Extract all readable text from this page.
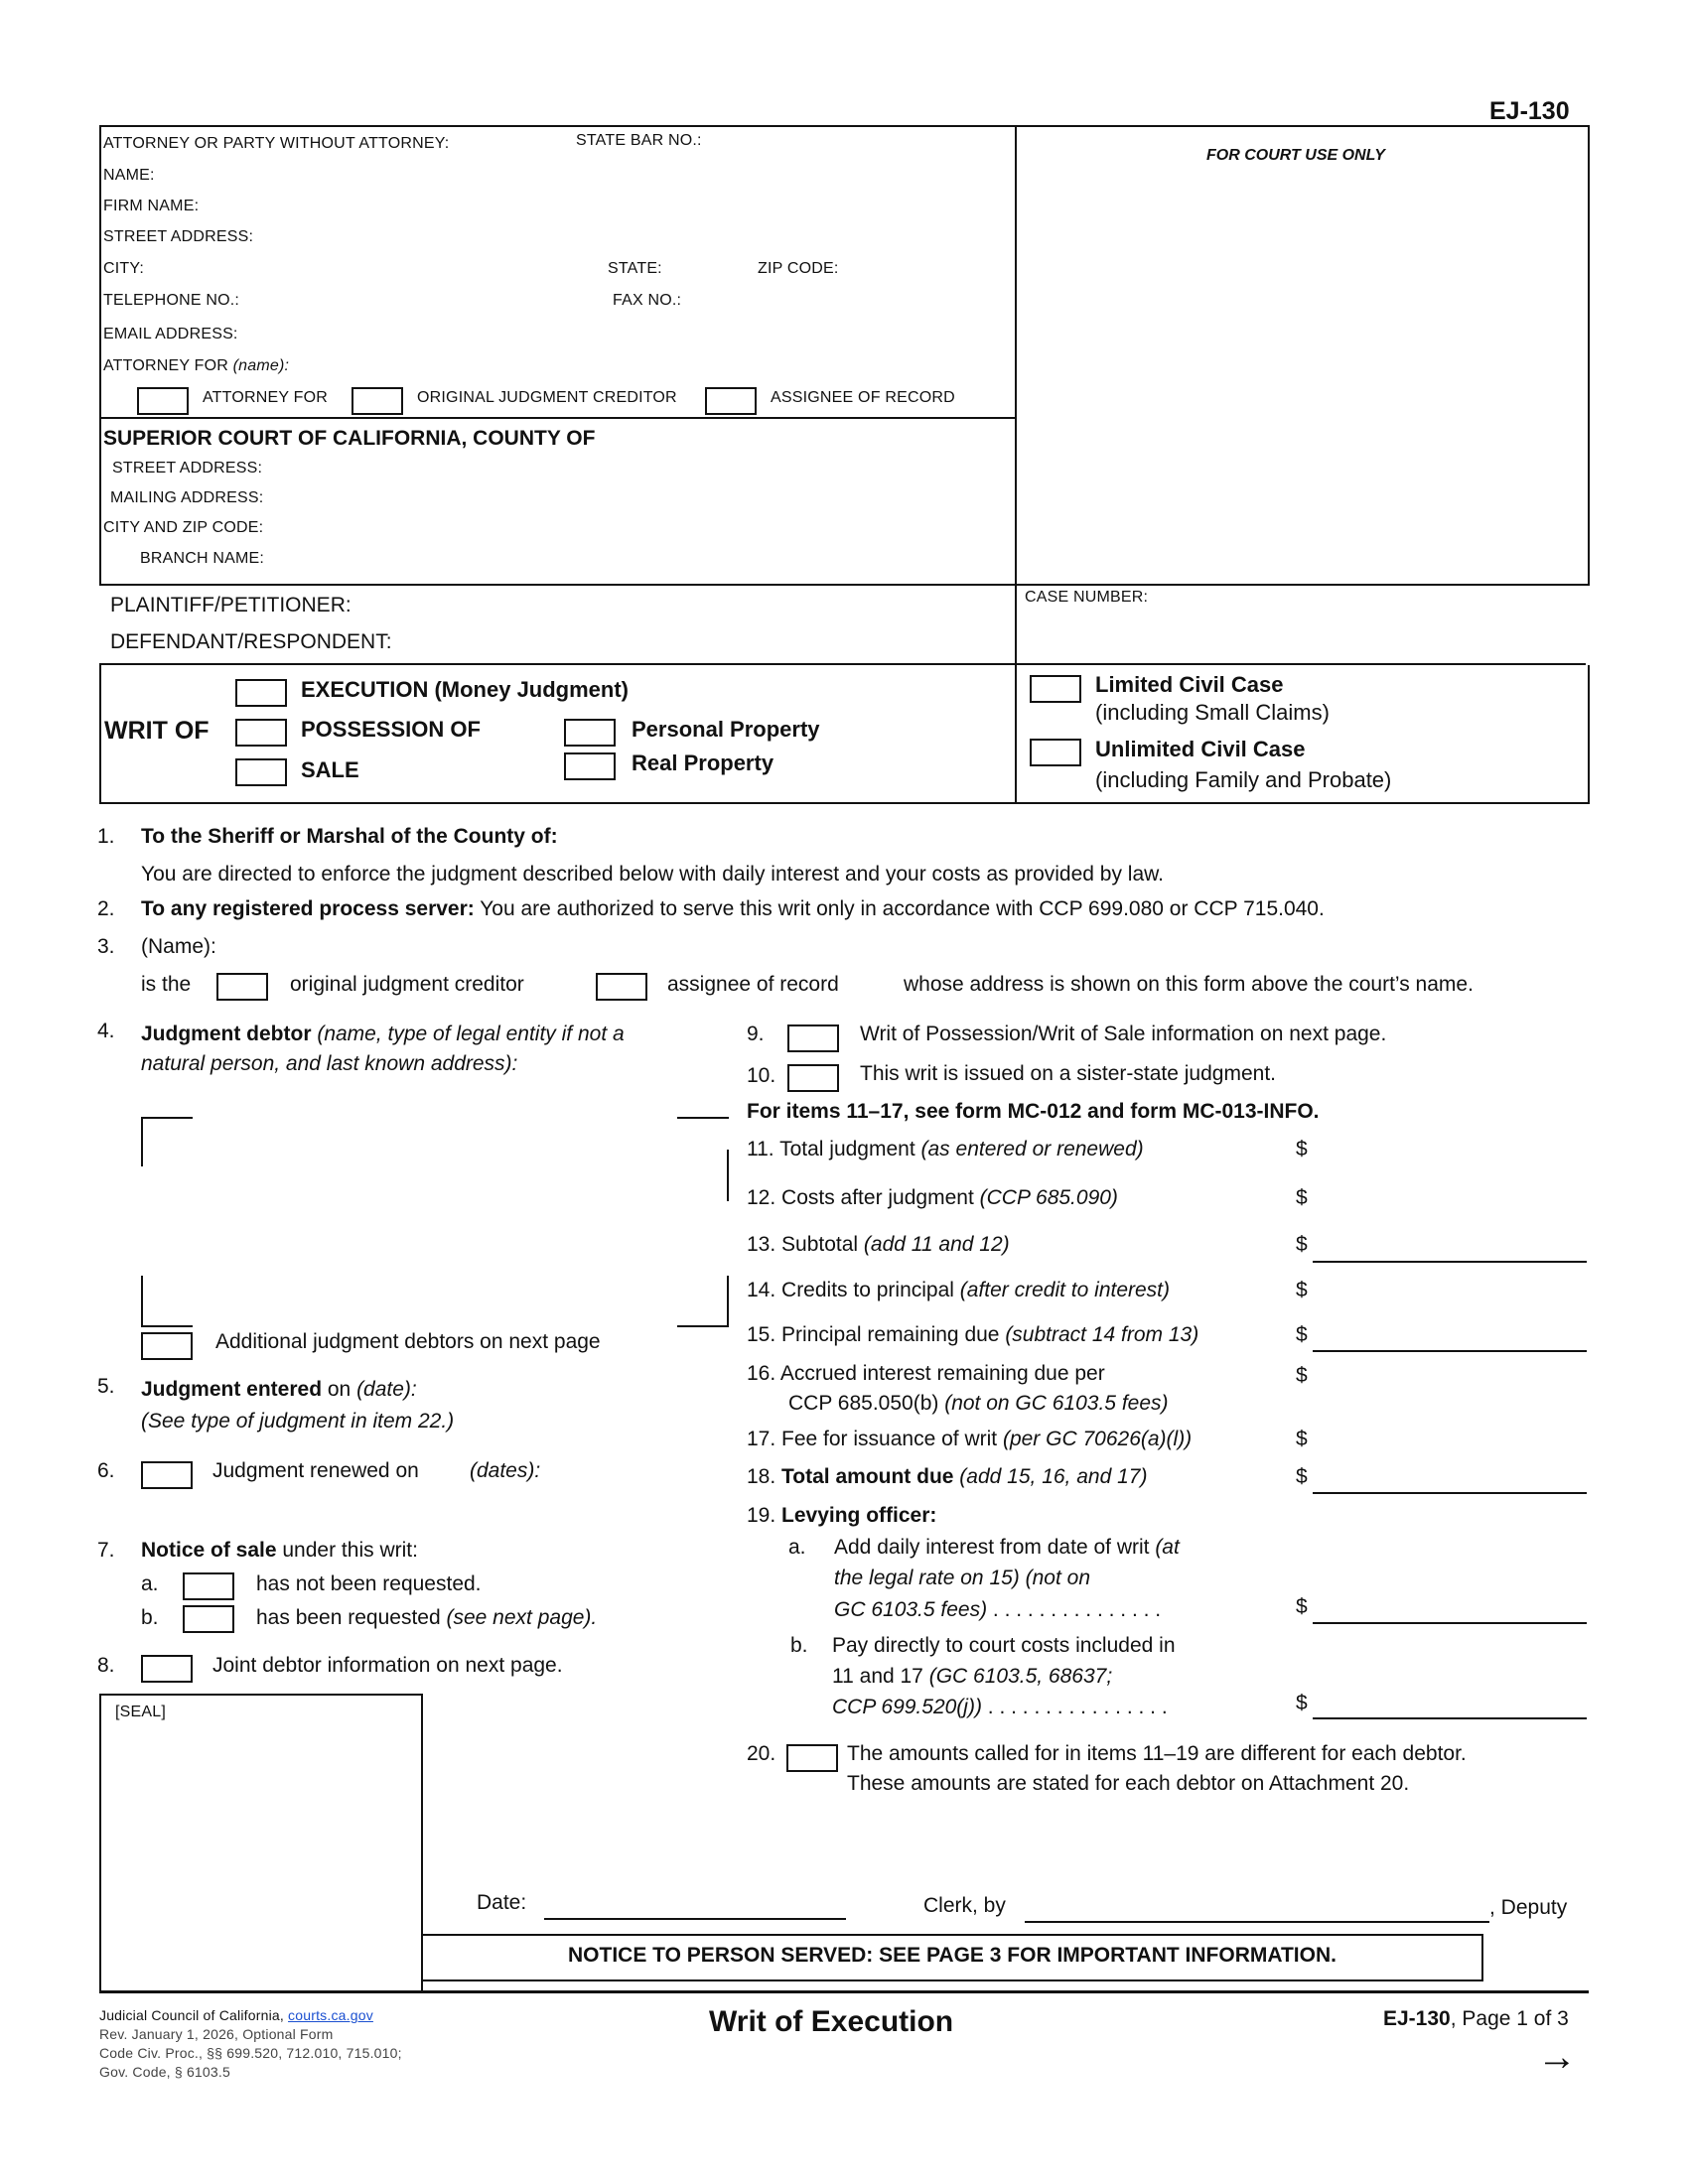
EJ-130
ATTORNEY OR PARTY WITHOUT ATTORNEY:	STATE BAR NO.:
NAME:
FIRM NAME:
STREET ADDRESS:
CITY:	STATE:	ZIP CODE:
TELEPHONE NO.:	FAX NO.:
EMAIL ADDRESS:
ATTORNEY FOR (name):
ATTORNEY FOR	ORIGINAL JUDGMENT CREDITOR	ASSIGNEE OF RECORD
FOR COURT USE ONLY
SUPERIOR COURT OF CALIFORNIA, COUNTY OF
STREET ADDRESS:
MAILING ADDRESS:
CITY AND ZIP CODE:
BRANCH NAME:
PLAINTIFF/PETITIONER:
DEFENDANT/RESPONDENT:
CASE NUMBER:
WRIT OF
EXECUTION (Money Judgment)
POSSESSION OF
SALE
Personal Property
Real Property
Limited Civil Case
(including Small Claims)
Unlimited Civil Case
(including Family and Probate)
1. To the Sheriff or Marshal of the County of:
You are directed to enforce the judgment described below with daily interest and your costs as provided by law.
2. To any registered process server: You are authorized to serve this writ only in accordance with CCP 699.080 or CCP 715.040.
3. (Name):
is the	original judgment creditor	assignee of record	whose address is shown on this form above the court’s name.
4. Judgment debtor (name, type of legal entity if not a
natural person, and last known address):
Additional judgment debtors on next page
5. Judgment entered on (date):
(See type of judgment in item 22.)
6.	Judgment renewed on (dates):
7. Notice of sale under this writ:
a.	has not been requested.
b.	has been requested (see next page).
8.	Joint debtor information on next page.
[SEAL]
9.	Writ of Possession/Writ of Sale information on next page.
10.	This writ is issued on a sister-state judgment.
For items 11–17, see form MC-012 and form MC-013-INFO.
11. Total judgment (as entered or renewed)	$
12. Costs after judgment (CCP 685.090)	$
13. Subtotal (add 11 and 12)	$
14. Credits to principal (after credit to interest)	$
15. Principal remaining due (subtract 14 from 13)	$
16. Accrued interest remaining due per	$
CCP 685.050(b) (not on GC 6103.5 fees)
17. Fee for issuance of writ (per GC 70626(a)(l))	$
18. Total amount due (add 15, 16, and 17)	$
19. Levying officer:
a. Add daily interest from date of writ (at
the legal rate on 15) (not on
GC 6103.5 fees) . . . . . . . . . . . . . . .	$
b. Pay directly to court costs included in
11 and 17 (GC 6103.5, 68637;
CCP 699.520(j)) . . . . . . . . . . . . . . . .	$
20.	The amounts called for in items 11–19 are different for each debtor.
These amounts are stated for each debtor on Attachment 20.
Date:	Clerk, by	, Deputy
NOTICE TO PERSON SERVED: SEE PAGE 3 FOR IMPORTANT INFORMATION.
Judicial Council of California, courts.ca.gov
Rev. January 1, 2026, Optional Form
Code Civ. Proc., §§ 699.520, 712.010, 715.010;
Gov. Code, § 6103.5
Writ of Execution	EJ-130, Page 1 of 3
→
